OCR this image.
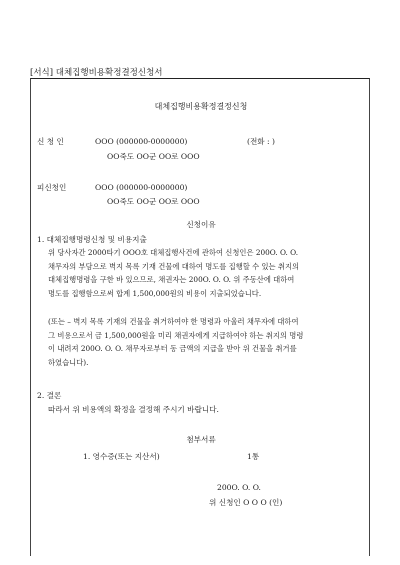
[서식] 대체집행비용확정결정신청서
대체집행비용확정결정신청
신 청 인	OOO (000000-0000000)	(전화 : )
OO죽도 OO군 OO로 OOO
피신청인	OOO (000000-0000000)
OO죽도 OO군 OO로 OOO
신청이유
1. 대체집행명령신청 및 비용지출
위 당사자간 2000타기 OOO호 대체집행사건에 관하여 신청인은 200O. O. O.
채무자의 부담으로 벽지 목록 기재 건물에 대하여 명도를 집행할 수 있는 취지의
대체집행명령을 구한 바 있으므로, 채권자는 200O. O. O. 위 주동산에 대하여
명도를 집행함으로써 합계 1,500,000원의 비용이 지출되었습니다.
(또는 – 벽지 목록 기재의 건물을 취거하여야 한 명령과 아울러 채무자에 대하여
그 비용으로서 금 1,500,000원을 미리 채권자에게 지급하여야 하는 취지의 명령
이 내려져 200O. O. O. 채무자로부터 동 금액의 지급을 받아 위 건물을 취거를
하였습니다).
2. 결론
따라서 위 비용액의 확정을 결정해 주시기 바랍니다.
첨부서류
1. 영수증(또는 지산서)	1통
200O. O. O.
위 신청인 O O O (인)
